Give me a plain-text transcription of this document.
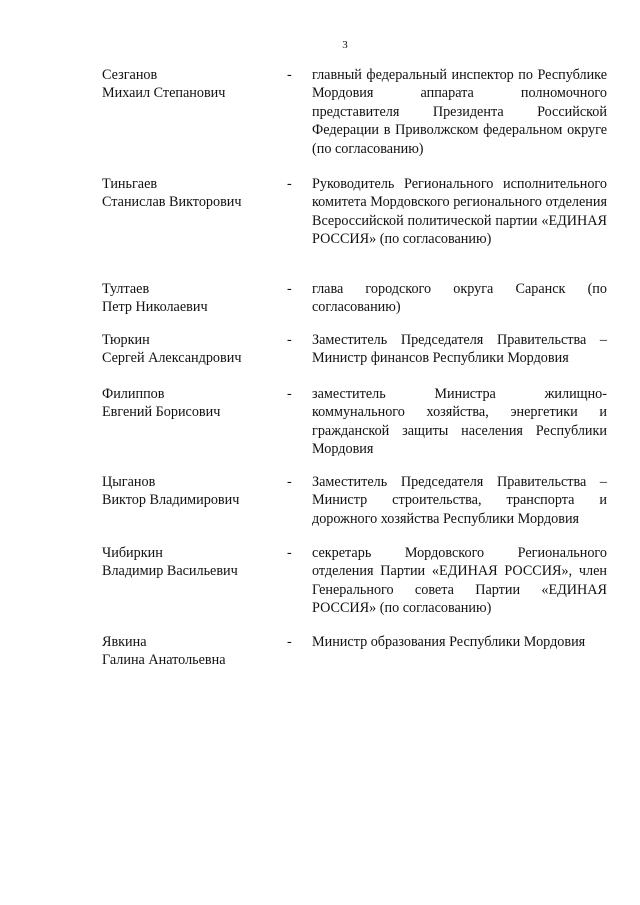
3
Сезганов
Михаил Степанович
- главный федеральный инспектор по Республике Мордовия аппарата полномочного представителя Президента Российской Федерации в Приволжском федеральном округе (по согласованию)
Тиньгаев
Станислав Викторович
- Руководитель Регионального исполнительного комитета Мордовского регионального отделения Всероссийской политической партии «ЕДИНАЯ РОССИЯ» (по согласованию)
Тултаев
Петр Николаевич
- глава городского округа Саранск (по согласованию)
Тюркин
Сергей Александрович
- Заместитель Председателя Правительства – Министр финансов Республики Мордовия
Филиппов
Евгений Борисович
- заместитель Министра жилищно-коммунального хозяйства, энергетики и гражданской защиты населения Республики Мордовия
Цыганов
Виктор Владимирович
- Заместитель Председателя Правительства – Министр строительства, транспорта и дорожного хозяйства Республики Мордовия
Чибиркин
Владимир Васильевич
- секретарь Мордовского Регионального отделения Партии «ЕДИНАЯ РОССИЯ», член Генерального совета Партии «ЕДИНАЯ РОССИЯ» (по согласованию)
Явкина
Галина Анатольевна
- Министр образования Республики Мордовия
